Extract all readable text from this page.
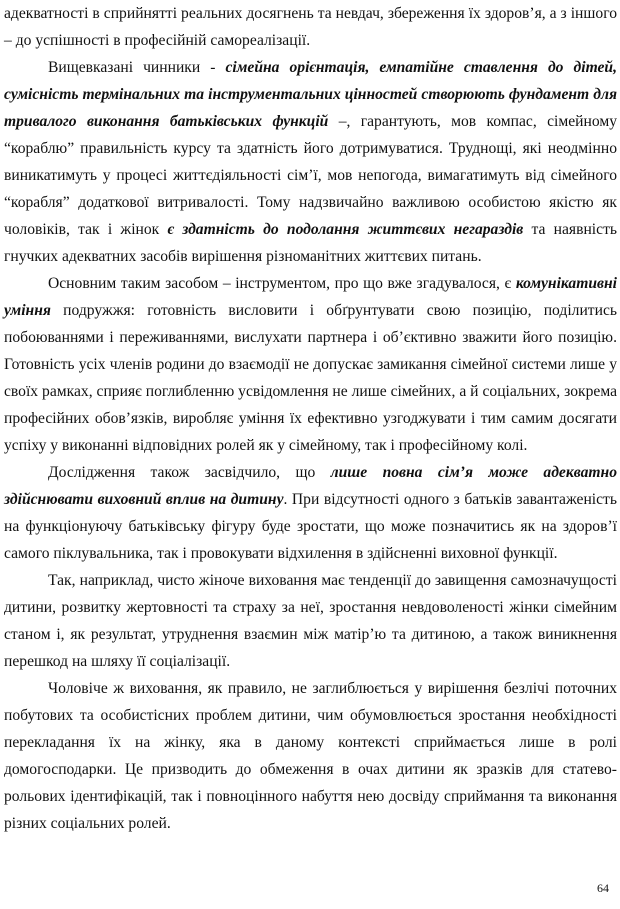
адекватності в сприйнятті реальних досягнень та невдач, збереження їх здоров’я, а з іншого – до успішності в професійній самореалізації.

Вищевказані чинники - сімейна орієнтація, емпатійне ставлення до дітей, сумісність термінальних та інструментальних цінностей створюють фундамент для тривалого виконання батьківських функцій –, гарантують, мов компас, сімейному “кораблю” правильність курсу та здатність його дотримуватися. Труднощі, які неодмінно виникатимуть у процесі життєдіяльності сім’ї, мов непогода, вимагатимуть від сімейного “корабля” додаткової витривалості. Тому надзвичайно важливою особистою якістю як чоловіків, так і жінок є здатність до подолання життєвих негараздів та наявність гнучких адекватних засобів вирішення різноманітних життєвих питань.

Основним таким засобом – інструментом, про що вже згадувалося, є комунікативні уміння подружжя: готовність висловити і обґрунтувати свою позицію, поділитись побоюваннями і переживаннями, вислухати партнера і об’єктивно зважити його позицію. Готовність усіх членів родини до взаємодії не допускає замикання сімейної системи лише у своїх рамках, сприяє поглибленню усвідомлення не лише сімейних, а й соціальних, зокрема професійних обов’язків, виробляє уміння їх ефективно узгоджувати і тим самим досягати успіху у виконанні відповідних ролей як у сімейному, так і професійному колі.

Дослідження також засвідчило, що лише повна сім’я може адекватно здійснювати виховний вплив на дитину. При відсутності одного з батьків завантаженість на функціонуючу батьківську фігуру буде зростати, що може позначитись як на здоров’ї самого піклувальника, так і провокувати відхилення в здійсненні виховної функції.

Так, наприклад, чисто жіноче виховання має тенденції до завищення самозначущості дитини, розвитку жертовності та страху за неї, зростання невдоволеності жінки сімейним станом і, як результат, утруднення взаємин між матір’ю та дитиною, а також виникнення перешкод на шляху її соціалізації.

Чоловіче ж виховання, як правило, не заглиблюється у вирішення безлічі поточних побутових та особистісних проблем дитини, чим обумовлюється зростання необхідності перекладання їх на жінку, яка в даному контексті сприймається лише в ролі домогосподарки. Це призводить до обмеження в очах дитини як зразків для статево-рольових ідентифікацій, так і повноцінного набуття нею досвіду сприймання та виконання різних соціальних ролей.

64
